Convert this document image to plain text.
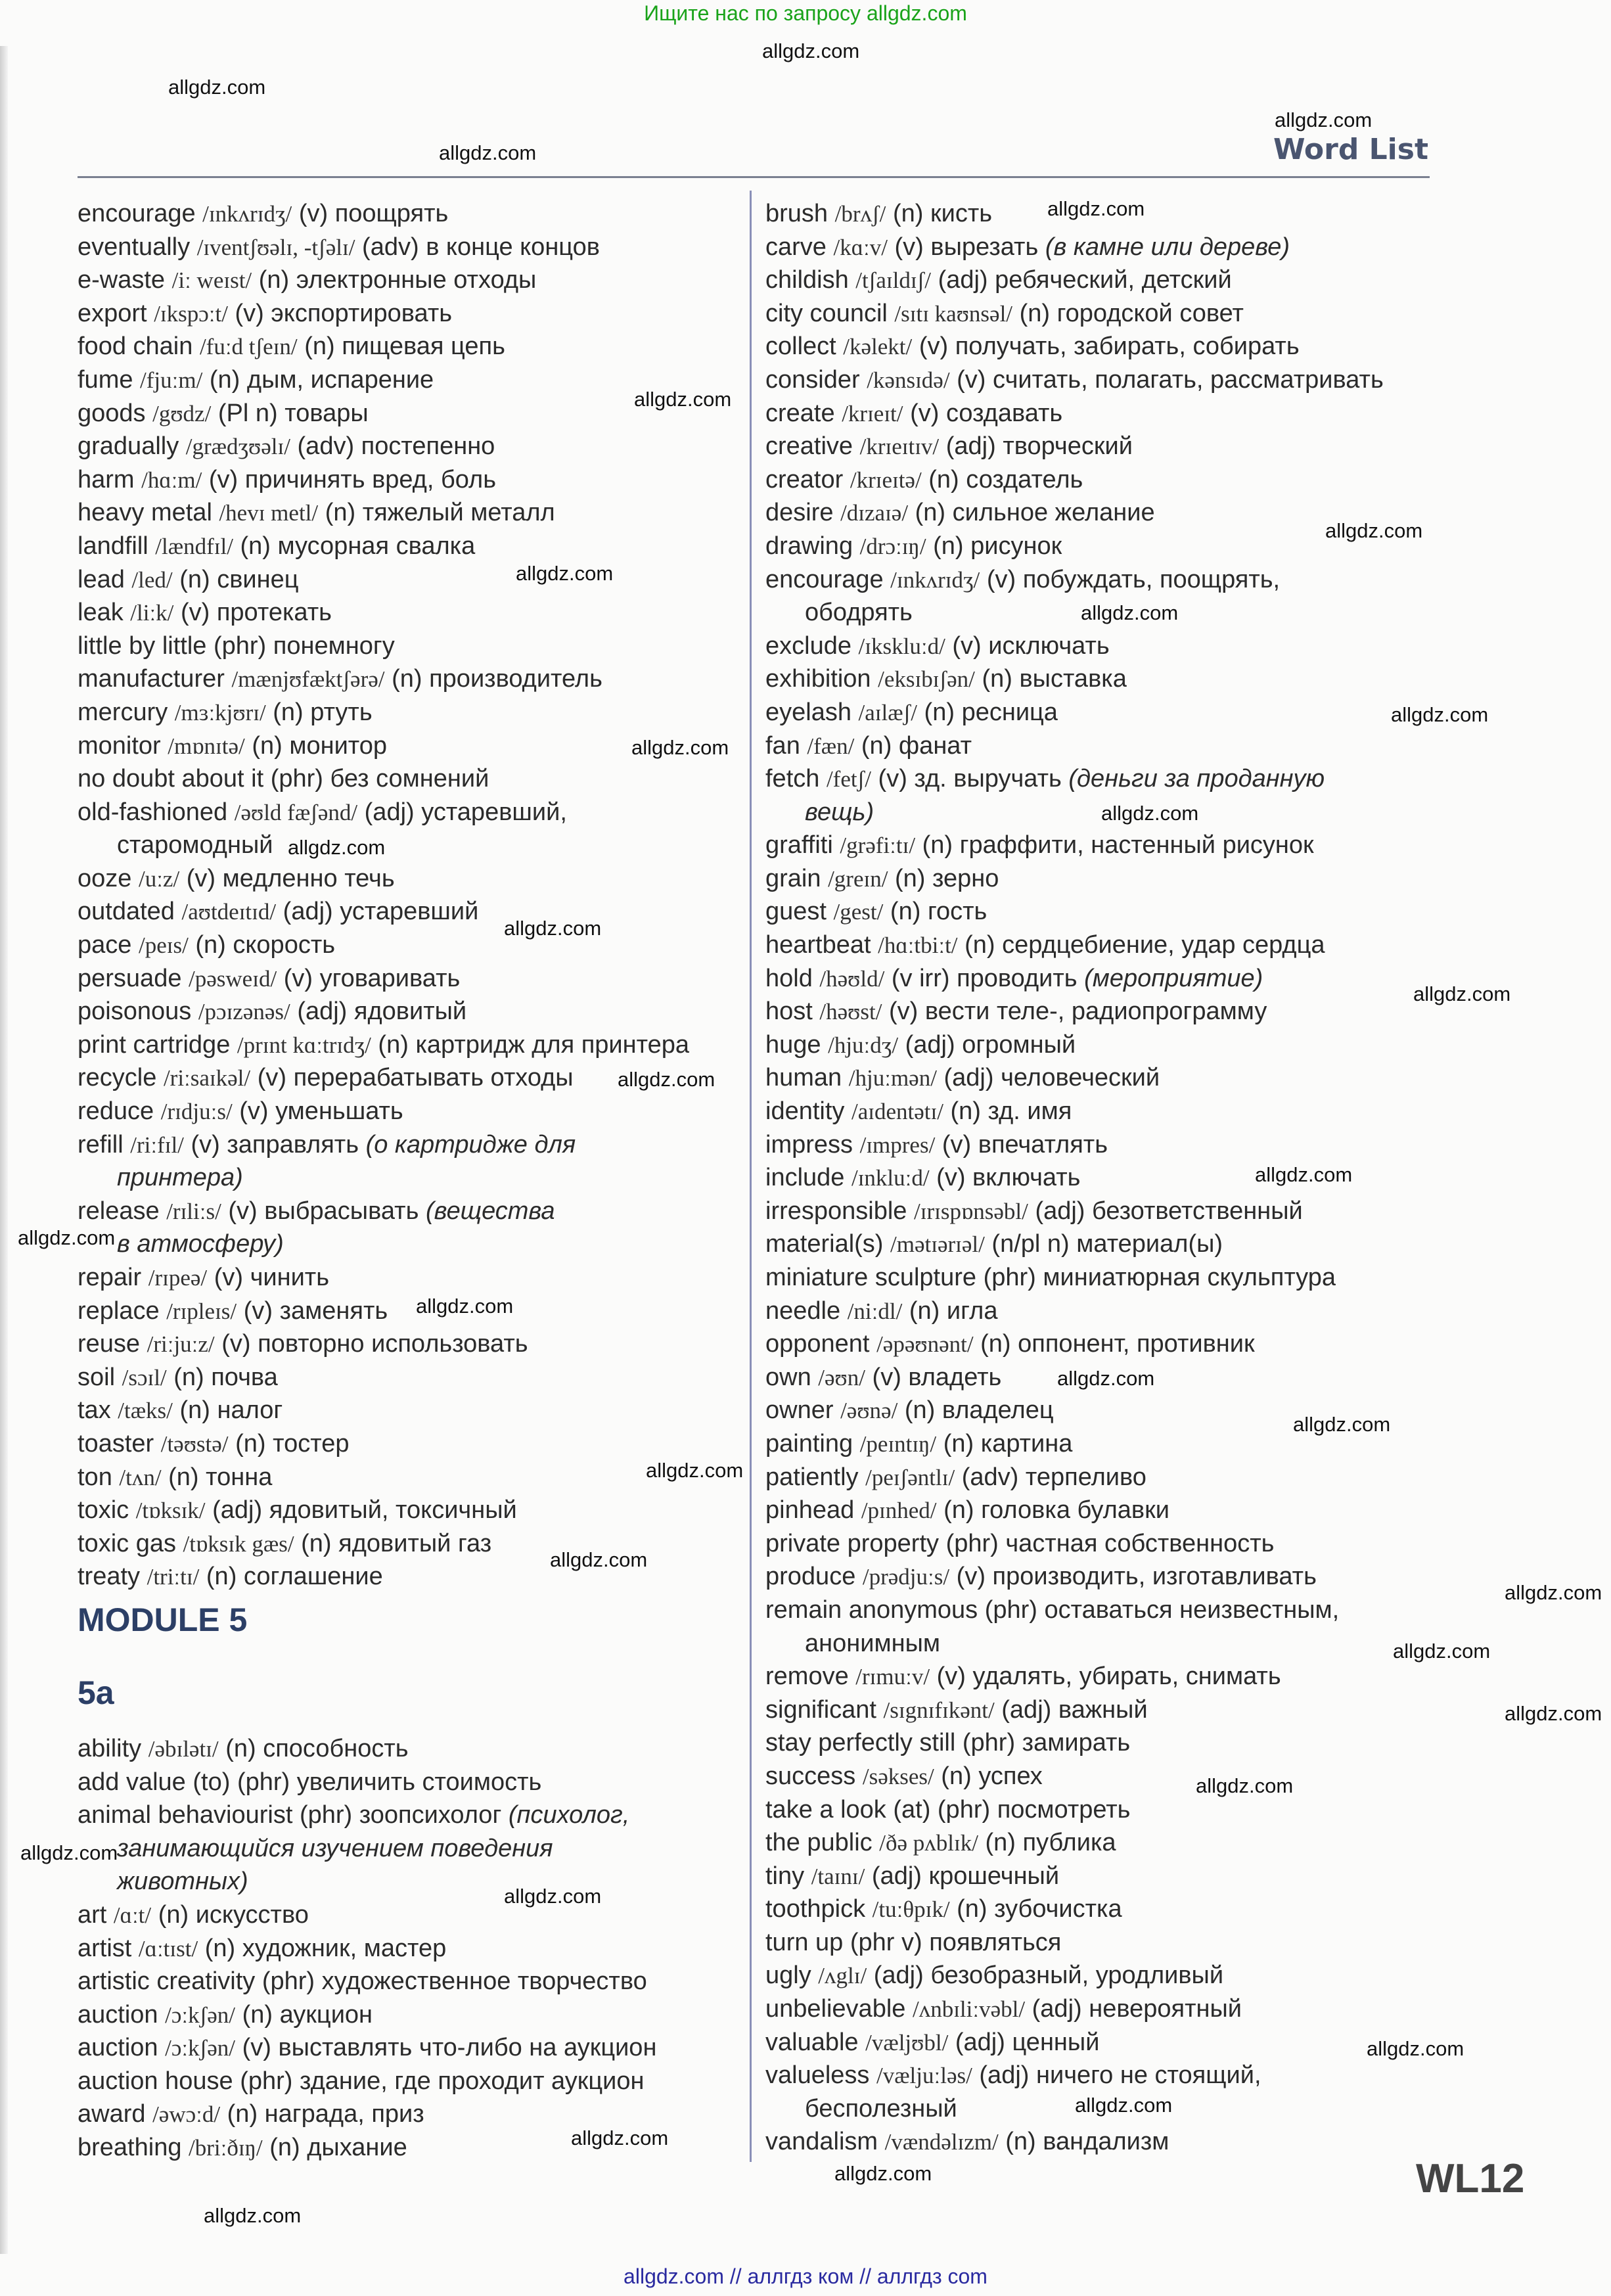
Ищите нас по запросу allgdz.com
Word List
encourage /ɪnkʌrɪdʒ/ (v) поощрять
eventually /ɪventʃʊəlɪ, -tʃəlɪ/ (adv) в конце концов
e-waste /iː weɪst/ (n) электронные отходы
export /ɪkspɔːt/ (v) экспортировать
food chain /fuːd tʃeɪn/ (n) пищевая цепь
fume /fjuːm/ (n) дым, испарение
goods /gʊdz/ (Pl n) товары
gradually /grædʒʊəlɪ/ (adv) постепенно
harm /hɑːm/ (v) причинять вред, боль
heavy metal /hevɪ metl/ (n) тяжелый металл
landfill /lændfɪl/ (n) мусорная свалка
lead /led/ (n) свинец
leak /liːk/ (v) протекать
little by little (phr) понемногу
manufacturer /mænjʊfæktʃərə/ (n) производитель
mercury /mɜːkjʊrɪ/ (n) ртуть
monitor /mɒnɪtə/ (n) монитор
no doubt about it (phr) без сомнений
old-fashioned /əʊld fæʃənd/ (adj) устаревший,
старомодный
ooze /uːz/ (v) медленно течь
outdated /aʊtdeɪtɪd/ (adj) устаревший
pace /peɪs/ (n) скорость
persuade /pəsweɪd/ (v) уговаривать
poisonous /pɔɪzənəs/ (adj) ядовитый
print cartridge /prɪnt kɑːtrɪdʒ/ (n) картридж для принтера
recycle /riːsaɪkəl/ (v) перерабатывать отходы
reduce /rɪdjuːs/ (v) уменьшать
refill /riːfɪl/ (v) заправлять (о картридже для
принтера)
release /rɪliːs/ (v) выбрасывать (вещества
в атмосферу)
repair /rɪpeə/ (v) чинить
replace /rɪpleɪs/ (v) заменять
reuse /riːjuːz/ (v) повторно использовать
soil /sɔɪl/ (n) почва
tax /tæks/ (n) налог
toaster /təʊstə/ (n) тостер
ton /tʌn/ (n) тонна
toxic /tɒksɪk/ (adj) ядовитый, токсичный
toxic gas /tɒksɪk gæs/ (n) ядовитый газ
treaty /triːtɪ/ (n) соглашение
MODULE 5
5a
ability /əbɪlətɪ/ (n) способность
add value (to) (phr) увеличить стоимость
animal behaviourist (phr) зоопсихолог (психолог,
занимающийся изучением поведения
животных)
art /ɑːt/ (n) искусство
artist /ɑːtɪst/ (n) художник, мастер
artistic creativity (phr) художественное творчество
auction /ɔːkʃən/ (n) аукцион
auction /ɔːkʃən/ (v) выставлять что-либо на аукцион
auction house (phr) здание, где проходит аукцион
award /əwɔːd/ (n) награда, приз
breathing /briːðɪŋ/ (n) дыхание
brush /brʌʃ/ (n) кисть
carve /kɑːv/ (v) вырезать (в камне или дереве)
childish /tʃaɪldɪʃ/ (adj) ребяческий, детский
city council /sɪtɪ kaʊnsəl/ (n) городской совет
collect /kəlekt/ (v) получать, забирать, собирать
consider /kənsɪdə/ (v) считать, полагать, рассматривать
create /krɪeɪt/ (v) создавать
creative /krɪeɪtɪv/ (adj) творческий
creator /krɪeɪtə/ (n) создатель
desire /dɪzaɪə/ (n) сильное желание
drawing /drɔːɪŋ/ (n) рисунок
encourage /ɪnkʌrɪdʒ/ (v) побуждать, поощрять,
ободрять
exclude /ɪkskluːd/ (v) исключать
exhibition /eksɪbɪʃən/ (n) выставка
eyelash /aɪlæʃ/ (n) ресница
fan /fæn/ (n) фанат
fetch /fetʃ/ (v) зд. выручать (деньги за проданную
вещь)
graffiti /grəfiːtɪ/ (n) граффити, настенный рисунок
grain /greɪn/ (n) зерно
guest /gest/ (n) гость
heartbeat /hɑːtbiːt/ (n) сердцебиение, удар сердца
hold /həʊld/ (v irr) проводить (мероприятие)
host /həʊst/ (v) вести теле-, радиопрограмму
huge /hjuːdʒ/ (adj) огромный
human /hjuːmən/ (adj) человеческий
identity /aɪdentətɪ/ (n) зд. имя
impress /ɪmpres/ (v) впечатлять
include /ɪnkluːd/ (v) включать
irresponsible /ɪrɪspɒnsəbl/ (adj) безответственный
material(s) /mətɪərɪəl/ (n/pl n) материал(ы)
miniature sculpture (phr) миниатюрная скульптура
needle /niːdl/ (n) игла
opponent /əpəʊnənt/ (n) оппонент, противник
own /əʊn/ (v) владеть
owner /əʊnə/ (n) владелец
painting /peɪntɪŋ/ (n) картина
patiently /peɪʃəntlɪ/ (adv) терпеливо
pinhead /pɪnhed/ (n) головка булавки
private property (phr) частная собственность
produce /prədjuːs/ (v) производить, изготавливать
remain anonymous (phr) оставаться неизвестным,
анонимным
remove /rɪmuːv/ (v) удалять, убирать, снимать
significant /sɪgnɪfɪkənt/ (adj) важный
stay perfectly still (phr) замирать
success /səkses/ (n) успех
take a look (at) (phr) посмотреть
the public /ðə pʌblɪk/ (n) публика
tiny /taɪnɪ/ (adj) крошечный
toothpick /tuːθpɪk/ (n) зубочистка
turn up (phr v) появляться
ugly /ʌglɪ/ (adj) безобразный, уродливый
unbelievable /ʌnbɪliːvəbl/ (adj) невероятный
valuable /væljʊbl/ (adj) ценный
valueless /væljuːləs/ (adj) ничего не стоящий,
бесполезный
vandalism /vændəlɪzm/ (n) вандализм
WL12
allgdz.com // аллгдз ком // аллгдз com
allgdz.com
allgdz.com
allgdz.com
allgdz.com
allgdz.com
allgdz.com
allgdz.com
allgdz.com
allgdz.com
allgdz.com
allgdz.com
allgdz.com
allgdz.com
allgdz.com
allgdz.com
allgdz.com
allgdz.com
allgdz.com
allgdz.com
allgdz.com
allgdz.com
allgdz.com
allgdz.com
allgdz.com
allgdz.com
allgdz.com
allgdz.com
allgdz.com
allgdz.com
allgdz.com
allgdz.com
allgdz.com
allgdz.com
allgdz.com
